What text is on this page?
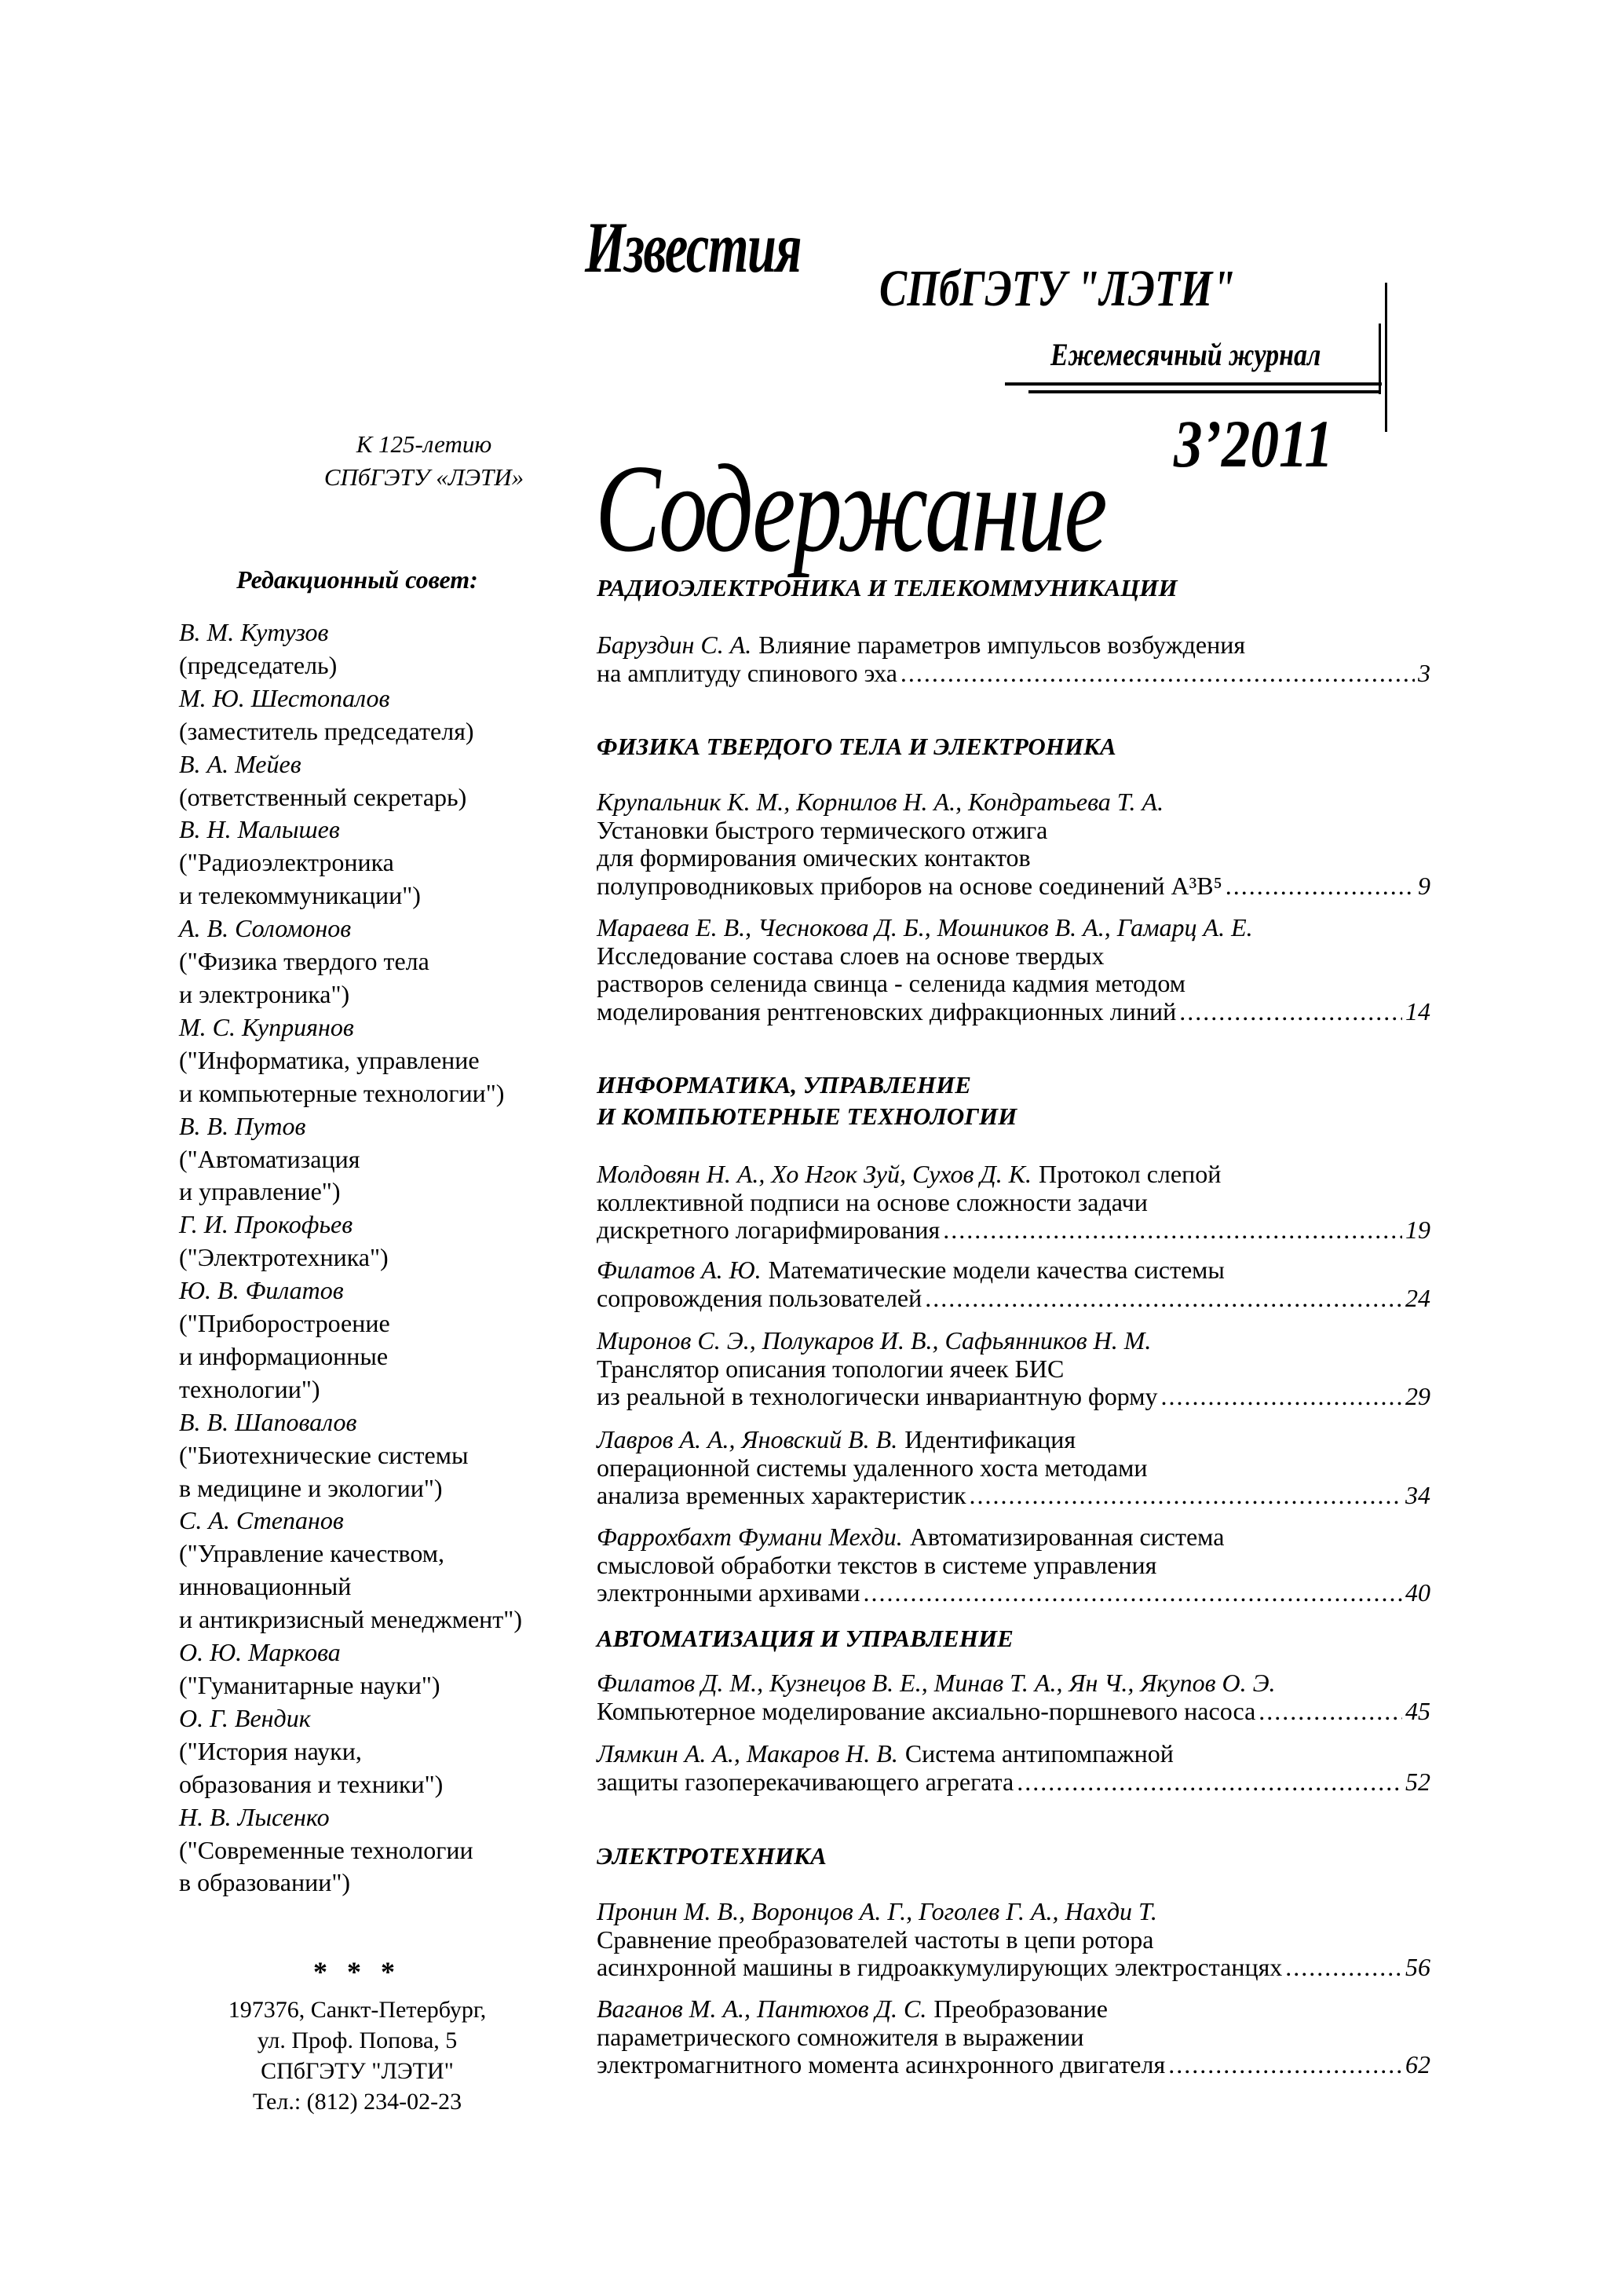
Известия
СПбГЭТУ "ЛЭТИ"
Ежемесячный журнал
3’2011
Содержание
К 125-летию
СПбГЭТУ «ЛЭТИ»
Редакционный совет:
В. М. Кутузов
(председатель)
М. Ю. Шестопалов
(заместитель председателя)
В. А. Мейев
(ответственный секретарь)
В. Н. Малышев
("Радиоэлектроника
и телекоммуникации")
А. В. Соломонов
("Физика твердого тела
и электроника")
М. С. Куприянов
("Информатика, управление
и компьютерные технологии")
В. В. Путов
("Автоматизация
и управление")
Г. И. Прокофьев
("Электротехника")
Ю. В. Филатов
("Приборостроение
и информационные
технологии")
В. В. Шаповалов
("Биотехнические системы
в медицине и экологии")
С. А. Степанов
("Управление качеством,
инновационный
и антикризисный менеджмент")
О. Ю. Маркова
("Гуманитарные науки")
О. Г. Вендик
("История науки,
образования и техники")
Н. В. Лысенко
("Современные технологии
в образовании")
* * *
197376, Санкт-Петербург,
ул. Проф. Попова, 5
СПбГЭТУ "ЛЭТИ"
Тел.: (812) 234-02-23
РАДИОЭЛЕКТРОНИКА И ТЕЛЕКОММУНИКАЦИИ
Баруздин С. А. Влияние параметров импульсов возбуждения
на амплитуду спинового эха .....	3
ФИЗИКА ТВЕРДОГО ТЕЛА И ЭЛЕКТРОНИКА
Крупальник К. М., Корнилов Н. А., Кондратьева Т. А.
Установки быстрого термического отжига
для формирования омических контактов
полупроводниковых приборов на основе соединений A³B⁵ .....	9
Мараева Е. В., Чеснокова Д. Б., Мошников В. А., Гамарц А. Е.
Исследование состава слоев на основе твердых
растворов селенида свинца - селенида кадмия методом
моделирования рентгеновских дифракционных линий .....	14
ИНФОРМАТИКА, УПРАВЛЕНИЕ
И КОМПЬЮТЕРНЫЕ ТЕХНОЛОГИИ
Молдовян Н. А., Хо Нгок Зуй, Сухов Д. К. Протокол слепой
коллективной подписи на основе сложности задачи
дискретного логарифмирования .....	19
Филатов А. Ю. Математические модели качества системы
сопровождения пользователей .....	24
Миронов С. Э., Полукаров И. В., Сафьянников Н. М.
Транслятор описания топологии ячеек БИС
из реальной в технологически инвариантную форму .....	29
Лавров А. А., Яновский В. В. Идентификация
операционной системы удаленного хоста методами
анализа временных характеристик .....	34
Фаррохбахт Фумани Мехди. Автоматизированная система
смысловой обработки текстов в системе управления
электронными архивами .....	40
АВТОМАТИЗАЦИЯ И УПРАВЛЕНИЕ
Филатов Д. М., Кузнецов В. Е., Минав Т. А., Ян Ч., Якупов О. Э.
Компьютерное моделирование аксиально-поршневого насоса .....	45
Лямкин А. А., Макаров Н. В. Система антипомпажной
защиты газоперекачивающего агрегата .....	52
ЭЛЕКТРОТЕХНИКА
Пронин М. В., Воронцов А. Г., Гоголев Г. А., Нахди Т.
Сравнение преобразователей частоты в цепи ротора
асинхронной машины в гидроаккумулирующих электростанцях .....	56
Ваганов М. А., Пантюхов Д. С. Преобразование
параметрического сомножителя в выражении
электромагнитного момента асинхронного двигателя .....	62
